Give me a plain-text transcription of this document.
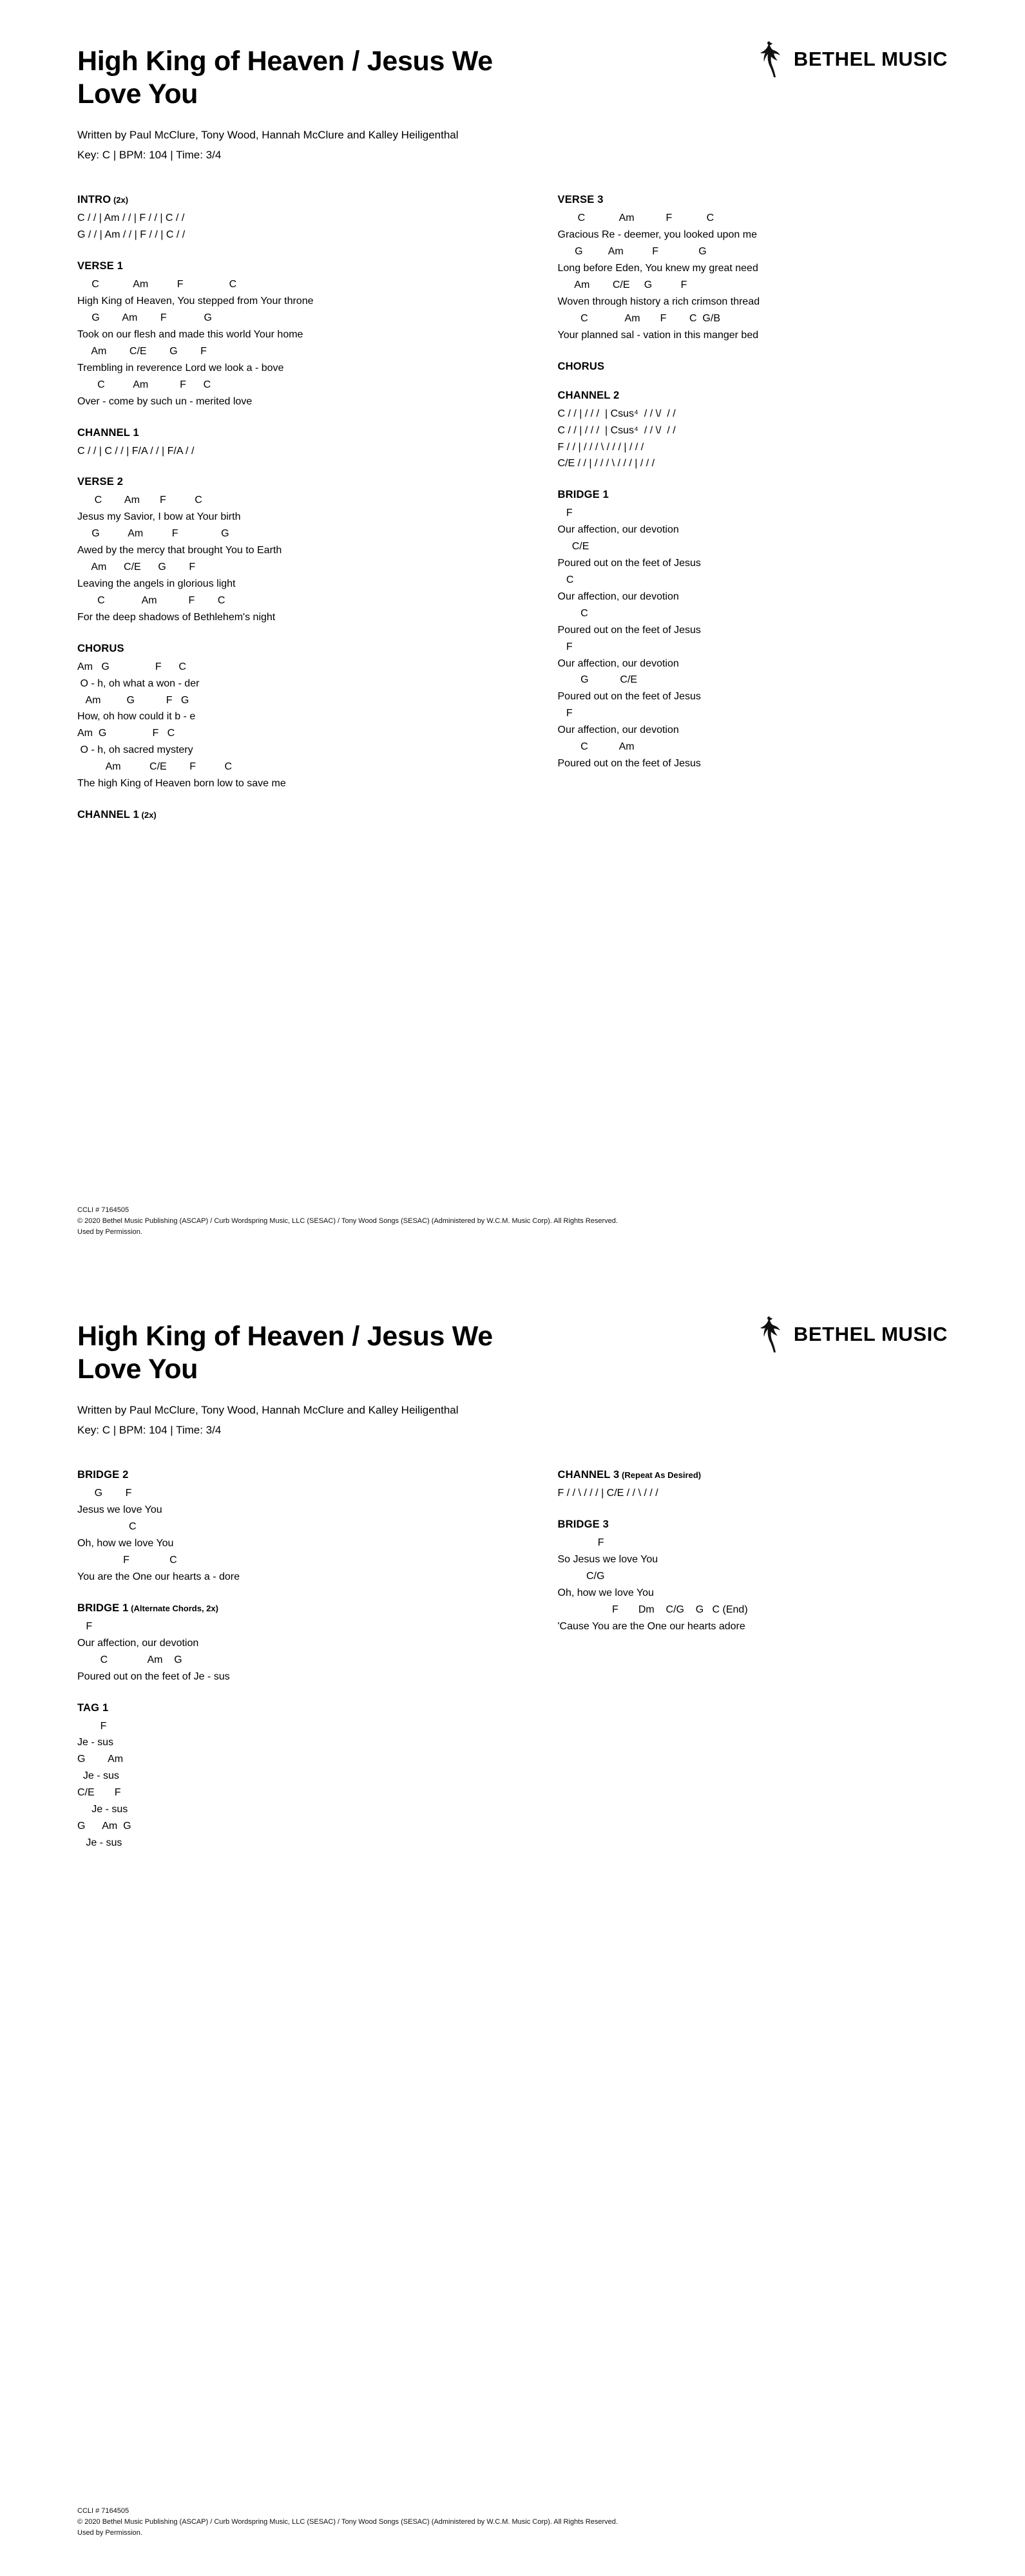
High King of Heaven / Jesus We Love You
Written by Paul McClure, Tony Wood, Hannah McClure and Kalley Heiligenthal
Key: C | BPM: 104 | Time: 3/4
BETHEL MUSIC
INTRO (2x)
C / / | Am / / | F / / | C / /
G / / | Am / / | F / / | C / /
VERSE 1
C            Am          F                C
High King of Heaven, You stepped from Your throne
G        Am        F             G
Took on our flesh and made this world Your home
Am        C/E        G        F
Trembling in reverence Lord we look a - bove
C          Am           F      C
Over - come by such un - merited love
CHANNEL 1
C / / | C / / | F/A / / | F/A / /
VERSE 2
C        Am       F          C
Jesus my Savior, I bow at Your birth
G          Am          F               G
Awed by the mercy that brought You to Earth
Am      C/E      G        F
Leaving the angels in glorious light
C             Am           F        C
For the deep shadows of Bethlehem's night
CHORUS
Am   G                F      C
O - h, oh what a won - der
Am         G           F   G
How, oh how could it b - e
Am  G                F   C
O - h, oh sacred mystery
Am          C/E        F          C
The high King of Heaven born low to save me
CHANNEL 1 (2x)
VERSE 3
C            Am           F            C
Gracious Re - deemer, you looked upon me
G         Am          F              G
Long before Eden, You knew my great need
Am        C/E     G          F
Woven through history a rich crimson thread
C             Am       F        C  G/B
Your planned sal - vation in this manger bed
CHORUS
CHANNEL 2
C / / | / / /  | Csus⁴  / / \/  / /
C / / | / / /  | Csus⁴  / / \/  / /
F / / | / / / \ / / / | / / /
C/E / / | / / / \ / / / | / / /
BRIDGE 1
F
Our affection, our devotion
C/E
Poured out on the feet of Jesus
C
Our affection, our devotion
C
Poured out on the feet of Jesus
F
Our affection, our devotion
G           C/E
Poured out on the feet of Jesus
F
Our affection, our devotion
C           Am
Poured out on the feet of Jesus
CCLI # 7164505
© 2020 Bethel Music Publishing (ASCAP) / Curb Wordspring Music, LLC (SESAC) / Tony Wood Songs (SESAC) (Administered by W.C.M. Music Corp). All Rights Reserved.
Used by Permission.
High King of Heaven / Jesus We Love You
Written by Paul McClure, Tony Wood, Hannah McClure and Kalley Heiligenthal
Key: C | BPM: 104 | Time: 3/4
BETHEL MUSIC
BRIDGE 2
G        F
Jesus we love You
C
Oh, how we love You
F              C
You are the One our hearts a - dore
BRIDGE 1 (Alternate Chords, 2x)
F
Our affection, our devotion
C              Am    G
Poured out on the feet of Je - sus
TAG 1
F
Je - sus
G        Am
Je - sus
C/E       F
Je - sus
G      Am  G
Je - sus
CHANNEL 3 (Repeat As Desired)
F / / \ / / / | C/E / / \ / / /
BRIDGE 3
F
So Jesus we love You
C/G
Oh, how we love You
F       Dm    C/G    G   C (End)
'Cause You are the One our hearts adore
CCLI # 7164505
© 2020 Bethel Music Publishing (ASCAP) / Curb Wordspring Music, LLC (SESAC) / Tony Wood Songs (SESAC) (Administered by W.C.M. Music Corp). All Rights Reserved.
Used by Permission.
